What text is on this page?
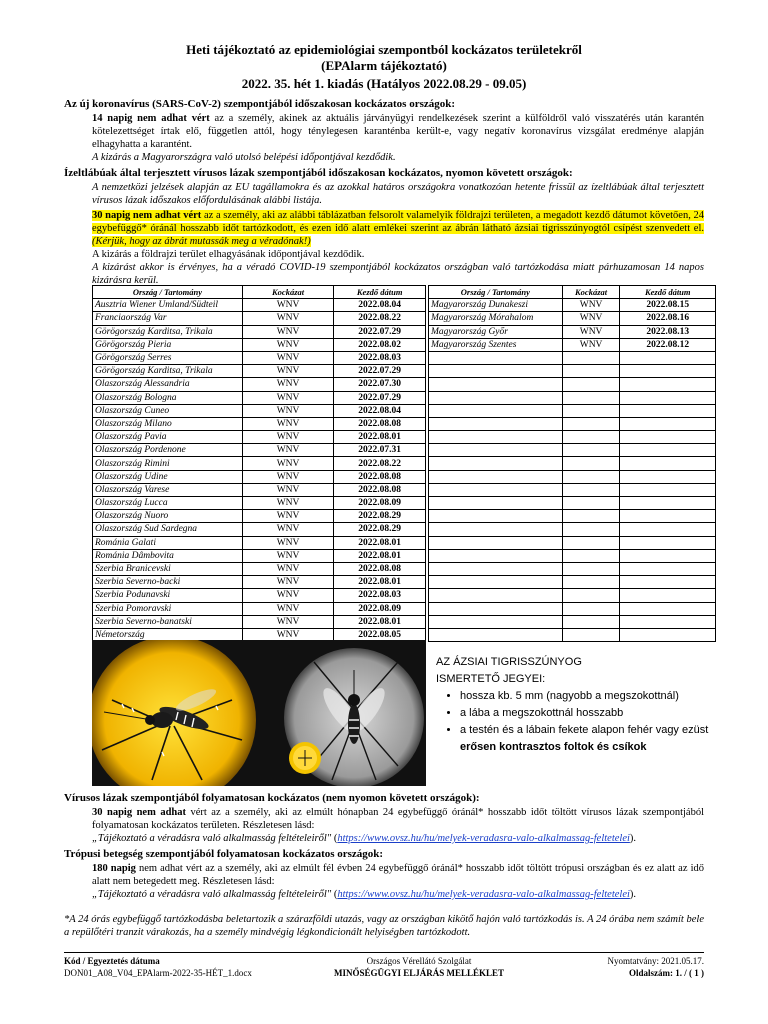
Heti tájékoztató az epidemiológiai szempontból kockázatos területekről
(EPAlarm tájékoztató)
2022. 35. hét 1. kiadás (Hatályos 2022.08.29 - 09.05)
Az új koronavírus (SARS-CoV-2) szempontjából időszakosan kockázatos országok:
14 napig nem adhat vért az a személy, akinek az aktuális járványügyi rendelkezések szerint a külföldről való visszatérés után karantén kötelezettséget írtak elő, független attól, hogy ténylegesen karanténba került-e, vagy negatív koronavírus vizsgálat eredménye alapján elhagyhatta a karantént.
A kizárás a Magyarországra való utolsó belépési időpontjával kezdődik.
Ízeltlábúak által terjesztett vírusos lázak szempontjából időszakosan kockázatos, nyomon követett országok:
A nemzetközi jelzések alapján az EU tagállamokra és az azokkal határos országokra vonatkozóan hetente frissül az ízeltlábúak által terjesztett vírusos lázak időszakos előfordulásának alábbi listája.
30 napig nem adhat vért az a személy, aki az alábbi táblázatban felsorolt valamelyik földrajzi területen, a megadott kezdő dátumot követően, 24 egybefüggő* óránál hosszabb időt tartózkodott, és ezen idő alatt emlékei szerint az ábrán látható ázsiai tigrisszúnyogtól csípést szenvedett el. (Kérjük, hogy az ábrát mutassák meg a véradónak!)
A kizárás a földrajzi terület elhagyásának időpontjával kezdődik.
A kizárást akkor is érvényes, ha a véradó COVID-19 szempontjából kockázatos országban való tartózkodása miatt párhuzamosan 14 napos kizárásra kerül.
Ország / Tartomány	Kockázat	Kezdő dátum
Ausztria Wiener Umland/Südteil	WNV	2022.08.04
Franciaország Var	WNV	2022.08.22
Görögország Karditsa, Trikala	WNV	2022.07.29
Görögország Pieria	WNV	2022.08.02
Görögország Serres	WNV	2022.08.03
Görögország Karditsa, Trikala	WNV	2022.07.29
Olaszország Alessandria	WNV	2022.07.30
Olaszország Bologna	WNV	2022.07.29
Olaszország Cuneo	WNV	2022.08.04
Olaszország Milano	WNV	2022.08.08
Olaszország Pavia	WNV	2022.08.01
Olaszország Pordenone	WNV	2022.07.31
Olaszország Rimini	WNV	2022.08.22
Olaszország Udine	WNV	2022.08.08
Olaszország Varese	WNV	2022.08.08
Olaszország Lucca	WNV	2022.08.09
Olaszország Nuoro	WNV	2022.08.29
Olaszország Sud Sardegna	WNV	2022.08.29
Románia Galati	WNV	2022.08.01
Románia Dâmbovita	WNV	2022.08.01
Szerbia Branicevski	WNV	2022.08.08
Szerbia Severno-backi	WNV	2022.08.01
Szerbia Podunavski	WNV	2022.08.03
Szerbia Pomoravski	WNV	2022.08.09
Szerbia Severno-banatski	WNV	2022.08.01
Németország	WNV	2022.08.05
Ország / Tartomány	Kockázat	Kezdő dátum
Magyarország Dunakeszi	WNV	2022.08.15
Magyarország Mórahalom	WNV	2022.08.16
Magyarország Győr	WNV	2022.08.13
Magyarország Szentes	WNV	2022.08.12

AZ ÁZSIAI TIGRISSZÚNYOG
ISMERTETŐ JEGYEI:
• hossza kb. 5 mm (nagyobb a megszokottnál)
• a lába a megszokottnál hosszabb
• a testén és a lábain fekete alapon fehér vagy ezüst erősen kontrasztos foltok és csíkok
Vírusos lázak szempontjából folyamatosan kockázatos (nem nyomon követett országok):
30 napig nem adhat vért az a személy, aki az elmúlt hónapban 24 egybefüggő óránál* hosszabb időt töltött vírusos lázak szempontjából folyamatosan kockázatos területen. Részletesen lásd:
„Tájékoztató a véradásra való alkalmasság feltételeiről" (https://www.ovsz.hu/hu/melyek-veradasra-valo-alkalmassag-feltetelei).
Trópusi betegség szempontjából folyamatosan kockázatos országok:
180 napig nem adhat vért az a személy, aki az elmúlt fél évben 24 egybefüggő óránál* hosszabb időt töltött trópusi országban és ez alatt az idő alatt nem betegedett meg. Részletesen lásd:
„Tájékoztató a véradásra való alkalmasság feltételeiről" (https://www.ovsz.hu/hu/melyek-veradasra-valo-alkalmassag-feltetelei).
*A 24 órás egybefüggő tartózkodásba beletartozik a szárazföldi utazás, vagy az országban kikötő hajón való tartózkodás is. A 24 órába nem számít bele a repülőtéri tranzit várakozás, ha a személy mindvégig légkondicionált helyiségben tartózkodott.
Kód / Egyeztetés dátuma
DON01_A08_V04_EPAlarm-2022-35-HÉT_1.docx
Országos Vérellátó Szolgálat
MINŐSÉGÜGYI ELJÁRÁS MELLÉKLET
Nyomtatvány: 2021.05.17.
Oldalszám: 1. / ( 1 )
